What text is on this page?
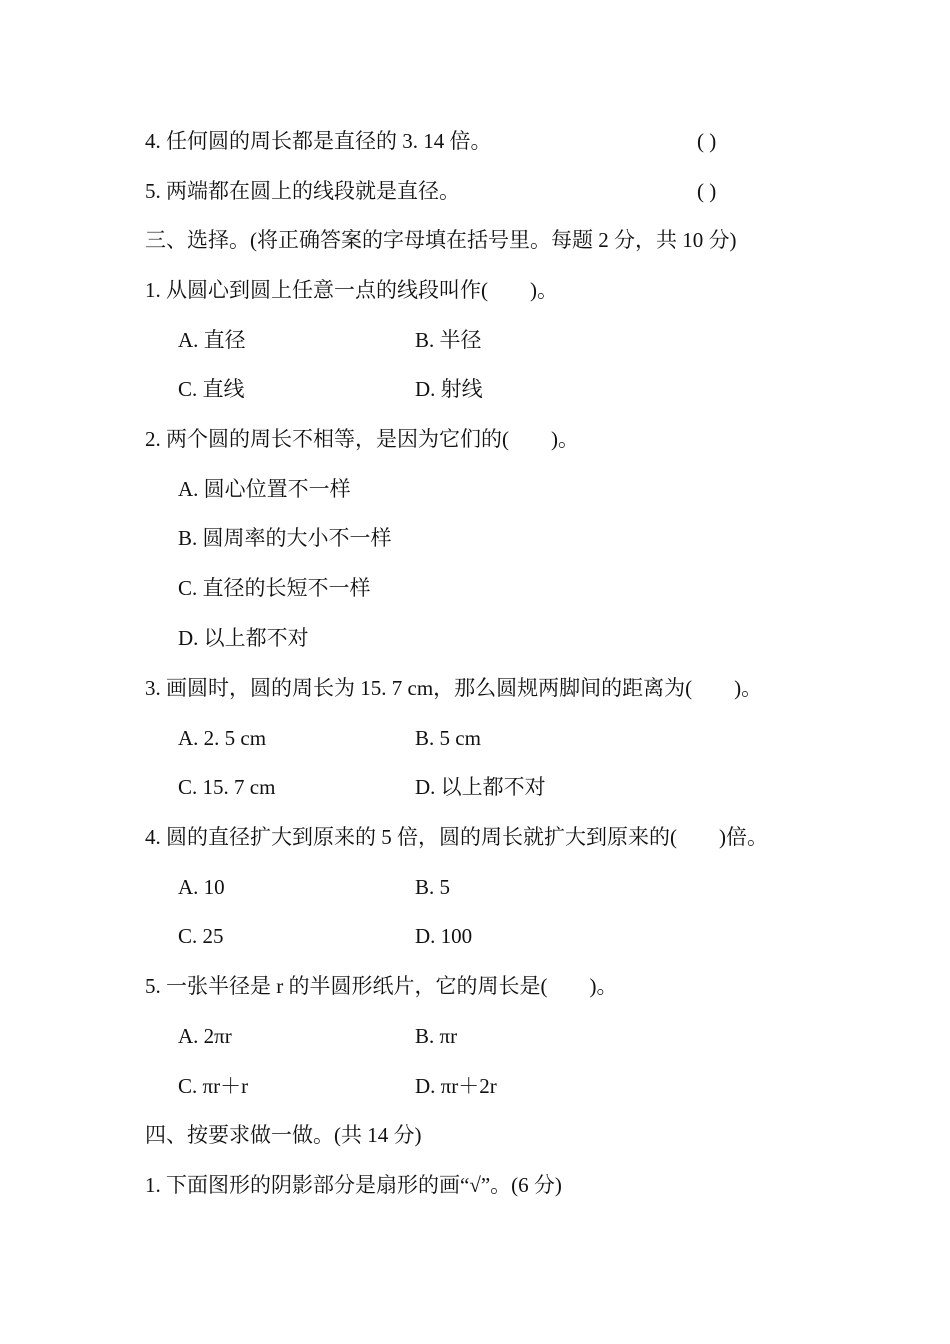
4. 任何圆的周长都是直径的 3. 14 倍。	( )
5. 两端都在圆上的线段就是直径。	( )
三、选择。(将正确答案的字母填在括号里。每题 2 分，共 10 分)
1. 从圆心到圆上任意一点的线段叫作(　　)。
A. 直径	B. 半径
C. 直线	D. 射线
2. 两个圆的周长不相等，是因为它们的(　　)。
A. 圆心位置不一样
B. 圆周率的大小不一样
C. 直径的长短不一样
D. 以上都不对
3. 画圆时，圆的周长为 15. 7 cm，那么圆规两脚间的距离为(　　)。
A. 2. 5 cm	B. 5 cm
C. 15. 7 cm	D. 以上都不对
4. 圆的直径扩大到原来的 5 倍，圆的周长就扩大到原来的(　　)倍。
A. 10	B. 5
C. 25	D. 100
5. 一张半径是 r 的半圆形纸片，它的周长是(　　)。
A. 2πr	B. πr
C. πr＋r	D. πr＋2r
四、按要求做一做。(共 14 分)
1. 下面图形的阴影部分是扇形的画“√”。(6 分)
